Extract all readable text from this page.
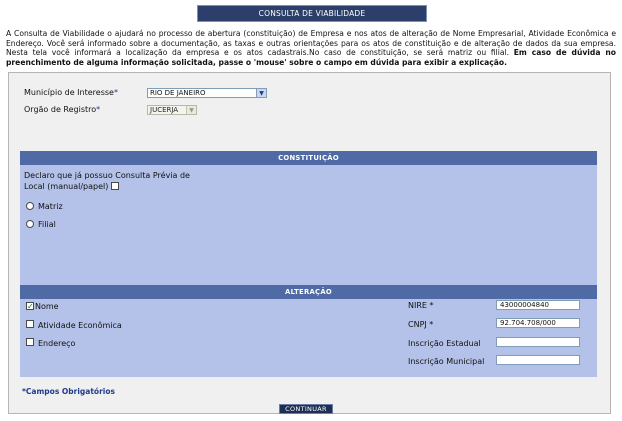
CONSULTA DE VIABILIDADE
A Consulta de Viabilidade o ajudará no processo de abertura (constituição) de Empresa e nos atos de alteração de Nome Empresarial, Atividade Econômica e Endereço. Você será informado sobre a documentação, as taxas e outras orientações para os atos de constituição e de alteração de dados da sua empresa. Nesta tela você informará a localização da empresa e os atos cadastrais.No caso de constituição, se será matriz ou filial. Em caso de dúvida no preenchimento de alguma informação solicitada, passe o 'mouse' sobre o campo em dúvida para exibir a explicação.
Município de Interesse*	RIO DE JANEIRO	▼
Orgão de Registro*	JUCERJA	▼
CONSTITUIÇÃO
Declaro que já possuo Consulta Prévia de
Local (manual/papel)
Matriz
Filial
ALTERAÇÃO
✓ Nome
Atividade Econômica
Endereço
NIRE *	43000004840
CNPJ *	92.704.708/000
Inscrição Estadual
Inscrição Municipal
*Campos Obrigatórios
CONTINUAR
